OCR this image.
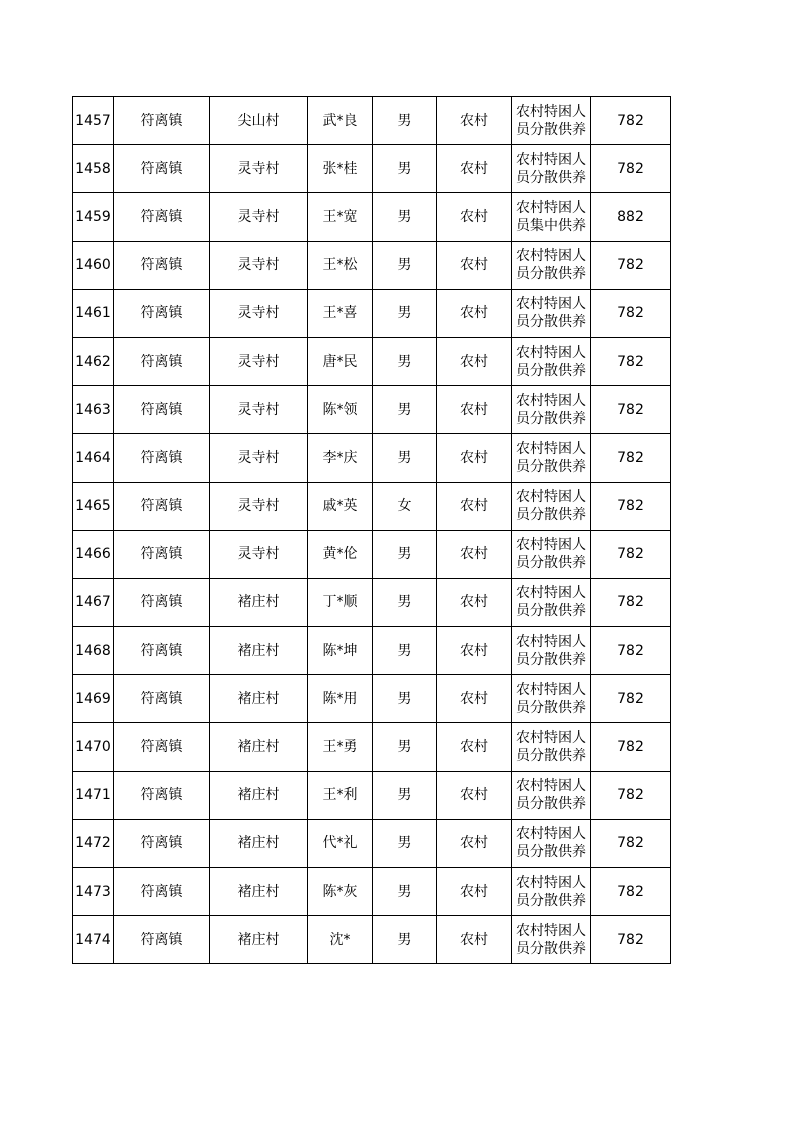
1457	符离镇	尖山村	武*良	男	农村	农村特困人员分散供养	782
1458	符离镇	灵寺村	张*桂	男	农村	农村特困人员分散供养	782
1459	符离镇	灵寺村	王*宽	男	农村	农村特困人员集中供养	882
1460	符离镇	灵寺村	王*松	男	农村	农村特困人员分散供养	782
1461	符离镇	灵寺村	王*喜	男	农村	农村特困人员分散供养	782
1462	符离镇	灵寺村	唐*民	男	农村	农村特困人员分散供养	782
1463	符离镇	灵寺村	陈*领	男	农村	农村特困人员分散供养	782
1464	符离镇	灵寺村	李*庆	男	农村	农村特困人员分散供养	782
1465	符离镇	灵寺村	戚*英	女	农村	农村特困人员分散供养	782
1466	符离镇	灵寺村	黄*伦	男	农村	农村特困人员分散供养	782
1467	符离镇	褚庄村	丁*顺	男	农村	农村特困人员分散供养	782
1468	符离镇	褚庄村	陈*坤	男	农村	农村特困人员分散供养	782
1469	符离镇	褚庄村	陈*用	男	农村	农村特困人员分散供养	782
1470	符离镇	褚庄村	王*勇	男	农村	农村特困人员分散供养	782
1471	符离镇	褚庄村	王*利	男	农村	农村特困人员分散供养	782
1472	符离镇	褚庄村	代*礼	男	农村	农村特困人员分散供养	782
1473	符离镇	褚庄村	陈*灰	男	农村	农村特困人员分散供养	782
1474	符离镇	褚庄村	沈*	男	农村	农村特困人员分散供养	782
